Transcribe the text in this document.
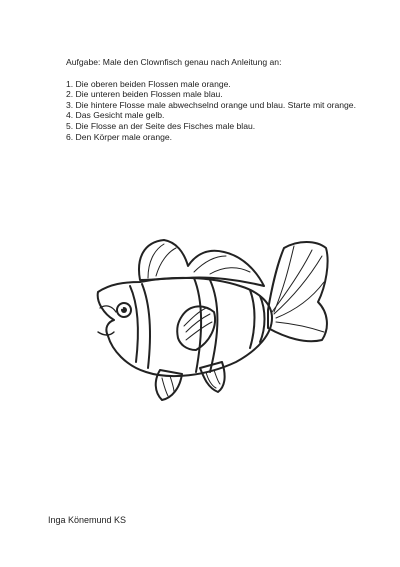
Aufgabe: Male den Clownfisch genau nach Anleitung an:

1. Die oberen beiden Flossen male orange.
2. Die unteren beiden Flossen male blau.
3. Die hintere Flosse male abwechselnd orange und blau. Starte mit orange.
4. Das Gesicht male gelb.
5. Die Flosse an der Seite des Fisches male blau.
6. Den Körper male orange.
Inga Könemund KS
